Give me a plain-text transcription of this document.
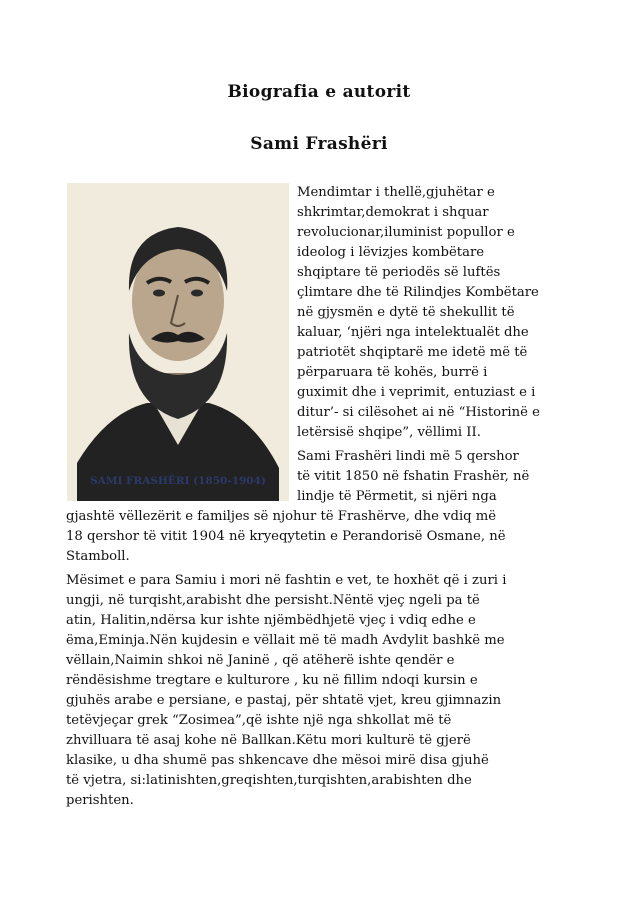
Biografia e autorit
Sami Frashëri
SAMI FRASHËRI (1850-1904)
Mendimtar i thellë,gjuhëtar e
shkrimtar,demokrat i shquar
revolucionar,iluminist popullor e
ideolog i lëvizjes kombëtare
shqiptare të periodës së luftës
çlimtare dhe të Rilindjes Kombëtare
në gjysmën e dytë të shekullit të
kaluar, ‘njëri nga intelektualët dhe
patriotët shqiptarë me idetë më të
përparuara të kohës, burrë i
guximit dhe i veprimit, entuziast e i
ditur’- si cilësohet ai në “Historinë e
letërsisë shqipe”, vëllimi II.
Sami Frashëri lindi më 5 qershor
të vitit 1850 në fshatin Frashër, në
lindje të Përmetit, si njëri nga
gjashtë vëllezërit e familjes së njohur të Frashërve, dhe vdiq më
18 qershor të vitit 1904 në kryeqytetin e Perandorisë Osmane, në
Stamboll.
Mësimet e para Samiu i mori në fashtin e vet, te hoxhët që i zuri i
ungji, në turqisht,arabisht dhe persisht.Nëntë vjeç ngeli pa të
atin, Halitin,ndërsa kur ishte njëmbëdhjetë vjeç i vdiq edhe e
ëma,Eminja.Nën kujdesin e vëllait më të madh Avdylit bashkë me
vëllain,Naimin shkoi në Janinë , që atëherë ishte qendër e
rëndësishme tregtare e kulturore , ku në fillim ndoqi kursin e
gjuhës arabe e persiane, e pastaj, për shtatë vjet, kreu gjimnazin
tetëvjeçar grek “Zosimea”,që ishte një nga shkollat më të
zhvilluara të asaj kohe në Ballkan.Këtu mori kulturë të gjerë
klasike, u dha shumë pas shkencave dhe mësoi mirë disa gjuhë
të vjetra, si:latinishten,greqishten,turqishten,arabishten dhe
perishten.
